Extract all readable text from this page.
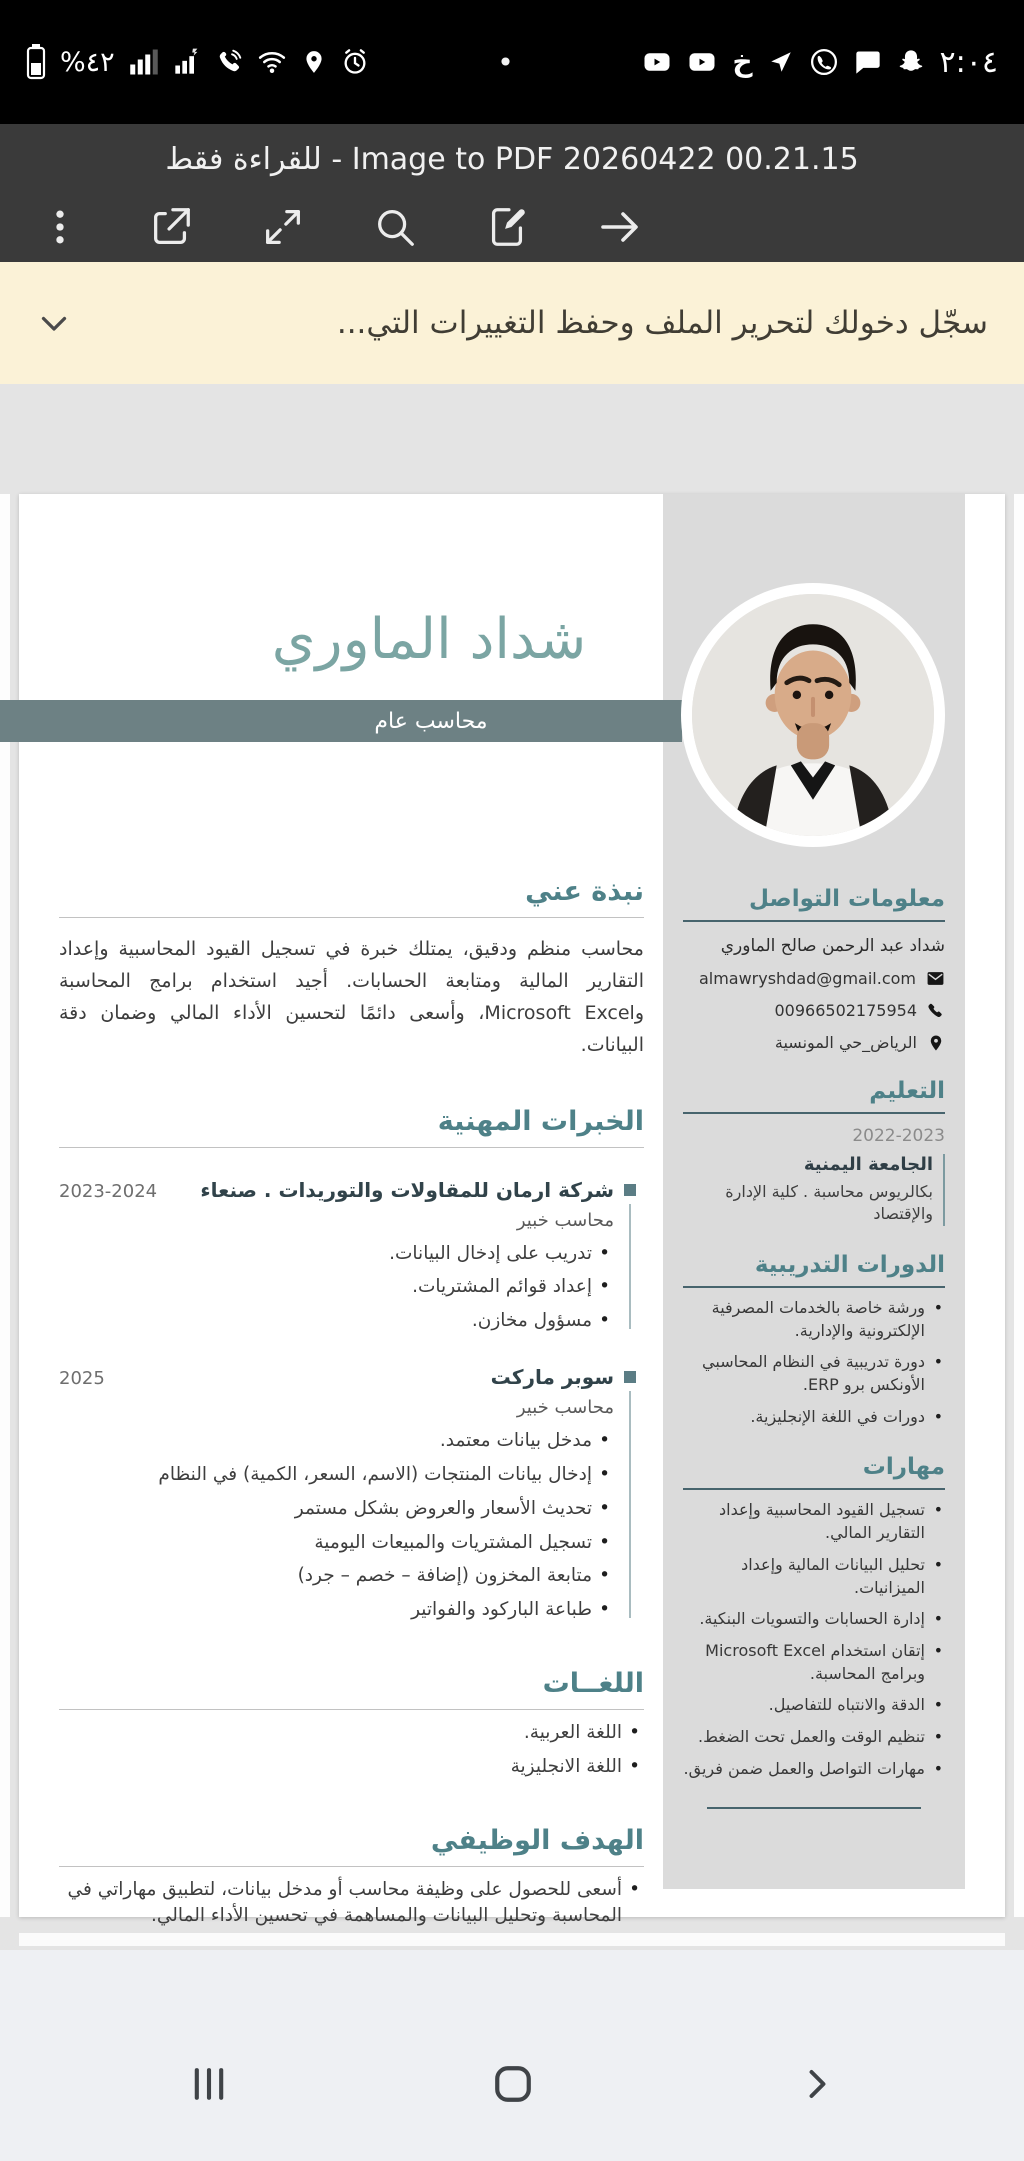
%٤٢	•	خ	٢:٠٤
Image to PDF 20260422 00.21.15 - للقراءة فقط
سجّل دخولك لتحرير الملف وحفظ التغييرات التي...
شداد الماوري
محاسب عام
معلومات التواصل

شداد عبد الرحمن صالح الماوري

almawryshdad@gmail.com
00966502175954
الرياض_حي المونسية
التعليم

2022-2023

الجامعة اليمنية

بكالريوس محاسبة . كلية الإدارة والإقتصاد

الدورات التدريبية
• ورشة خاصة بالخدمات المصرفية الإلكترونية والإدارية.
• دورة تدريبية في النظام المحاسبي الأونكس برو ERP.
• دورات في اللغة الإنجليزية.
مهارات
• تسجيل القيود المحاسبية وإعداد التقارير المالي.
• تحليل البيانات المالية وإعداد الميزانيات.
• إدارة الحسابات والتسويات البنكية.
• إتقان استخدام Microsoft Excel وبرامج المحاسبة.
• الدقة والانتباه للتفاصيل.
• تنظيم الوقت والعمل تحت الضغط.
• مهارات التواصل والعمل ضمن فريق.
نبذة عني

محاسب منظم ودقيق، يمتلك خبرة في تسجيل القيود المحاسبية وإعداد التقارير المالية ومتابعة الحسابات. أجيد استخدام برامج المحاسبة وMicrosoft Excel، وأسعى دائمًا لتحسين الأداء المالي وضمان دقة البيانات.

الخبرات المهنية
شركة ارمان للمقاولات والتوريدات . صنعاء
2023-2024
محاسب خبير
• تدريب على إدخال البيانات.
• إعداد قوائم المشتريات.
• مسؤول مخازن.
سوبر ماركت
2025
محاسب خبير
• مدخل بيانات معتمد.
• إدخال بيانات المنتجات (الاسم، السعر، الكمية) في النظام
• تحديث الأسعار والعروض بشكل مستمر
• تسجيل المشتريات والمبيعات اليومية
• متابعة المخزون (إضافة – خصم – جرد)
• طباعة الباركود والفواتير
اللغــات
• اللغة العربية.
• اللغة الانجليزية
الهدف الوظيفي
• أسعى للحصول على وظيفة محاسب أو مدخل بيانات، لتطبيق مهاراتي في المحاسبة وتحليل البيانات والمساهمة في تحسين الأداء المالي.
